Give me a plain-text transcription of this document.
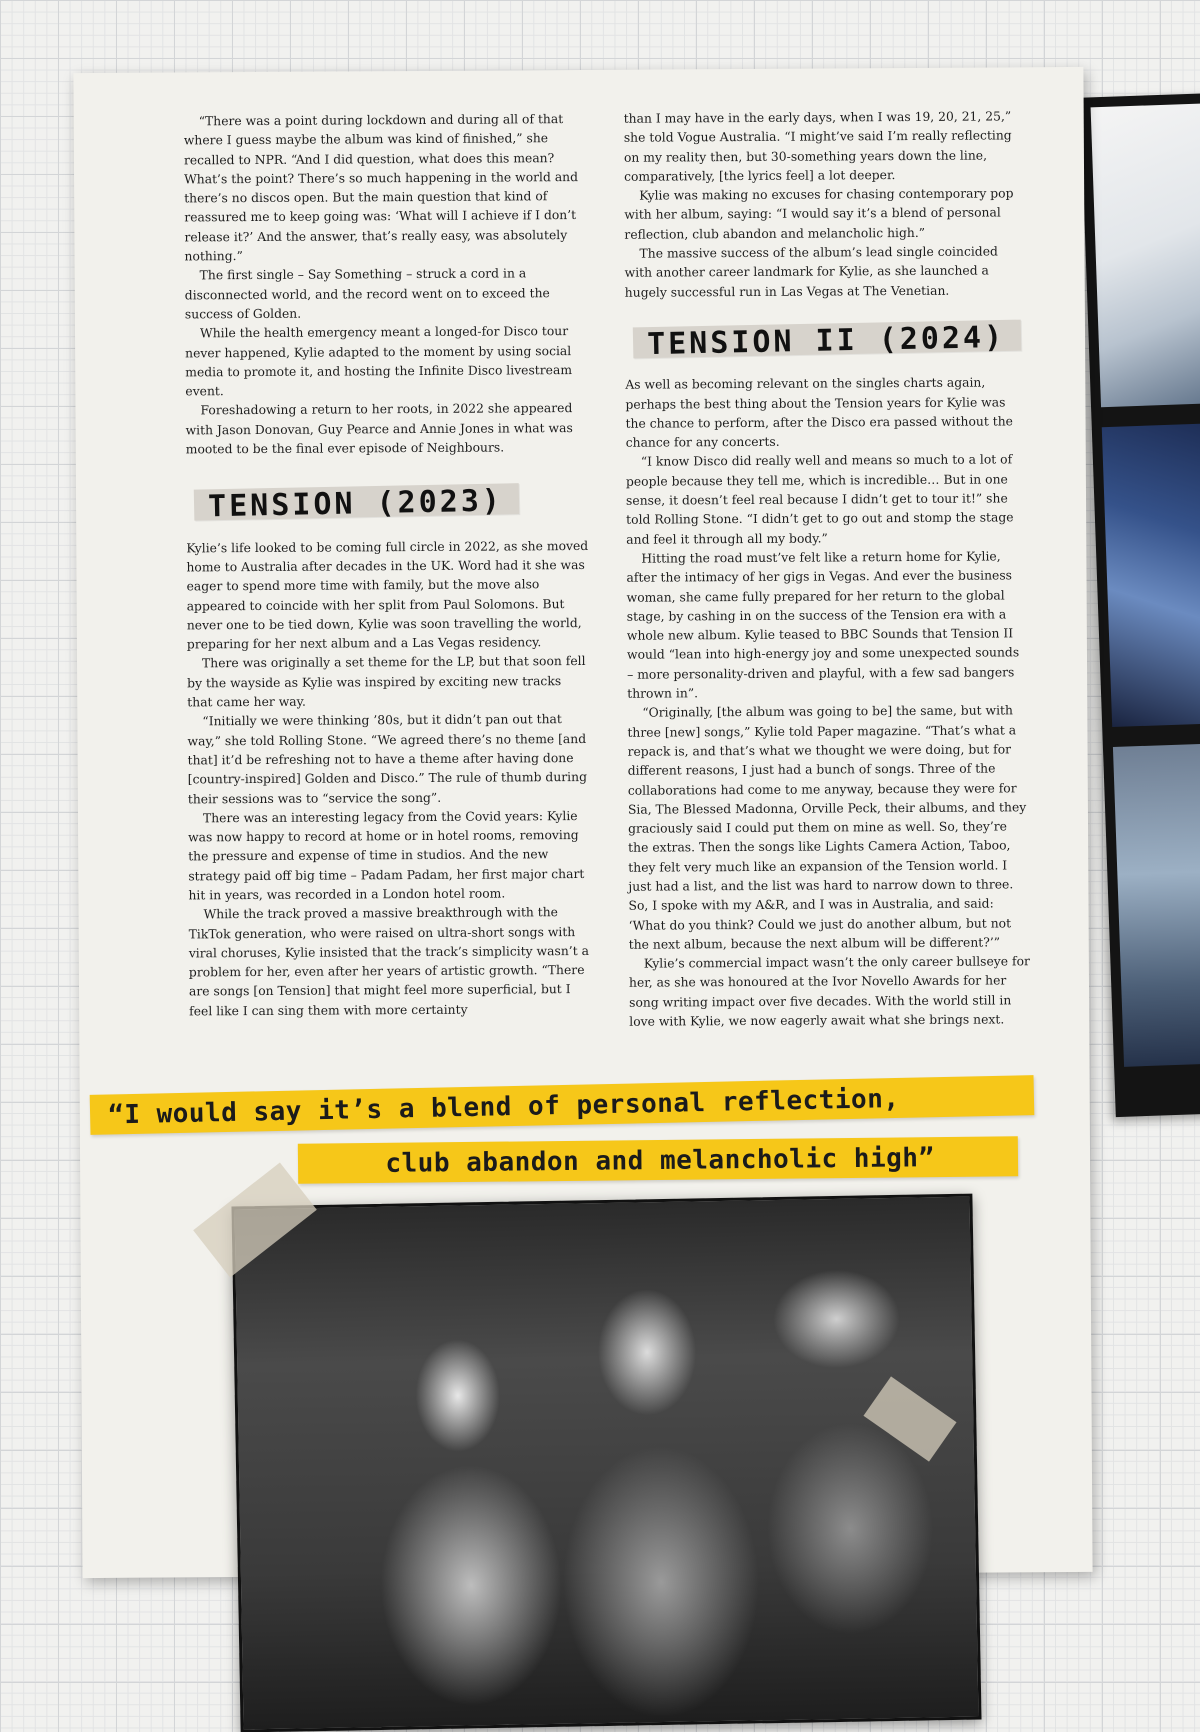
“There was a point during lockdown and during all of that where I guess maybe the album was kind of finished,” she recalled to NPR. “And I did question, what does this mean? What’s the point? There’s so much happening in the world and there’s no discos open. But the main question that kind of reassured me to keep going was: ‘What will I achieve if I don’t release it?’ And the answer, that’s really easy, was absolutely nothing.”

The first single – Say Something – struck a cord in a disconnected world, and the record went on to exceed the success of Golden.

While the health emergency meant a longed-for Disco tour never happened, Kylie adapted to the moment by using social media to promote it, and hosting the Infinite Disco livestream event.

Foreshadowing a return to her roots, in 2022 she appeared with Jason Donovan, Guy Pearce and Annie Jones in what was mooted to be the final ever episode of Neighbours.

TENSION (2023)

Kylie’s life looked to be coming full circle in 2022, as she moved home to Australia after decades in the UK. Word had it she was eager to spend more time with family, but the move also appeared to coincide with her split from Paul Solomons. But never one to be tied down, Kylie was soon travelling the world, preparing for her next album and a Las Vegas residency.

There was originally a set theme for the LP, but that soon fell by the wayside as Kylie was inspired by exciting new tracks that came her way.

“Initially we were thinking ’80s, but it didn’t pan out that way,” she told Rolling Stone. “We agreed there’s no theme [and that] it’d be refreshing not to have a theme after having done [country-inspired] Golden and Disco.” The rule of thumb during their sessions was to “service the song”.

There was an interesting legacy from the Covid years: Kylie was now happy to record at home or in hotel rooms, removing the pressure and expense of time in studios. And the new strategy paid off big time – Padam Padam, her first major chart hit in years, was recorded in a London hotel room.

While the track proved a massive breakthrough with the TikTok generation, who were raised on ultra-short songs with viral choruses, Kylie insisted that the track’s simplicity wasn’t a problem for her, even after her years of artistic growth. “There are songs [on Tension] that might feel more superficial, but I feel like I can sing them with more certainty

than I may have in the early days, when I was 19, 20, 21, 25,” she told Vogue Australia. “I might’ve said I’m really reflecting on my reality then, but 30-something years down the line, comparatively, [the lyrics feel] a lot deeper.

Kylie was making no excuses for chasing contemporary pop with her album, saying: “I would say it’s a blend of personal reflection, club abandon and melancholic high.”

The massive success of the album’s lead single coincided with another career landmark for Kylie, as she launched a hugely successful run in Las Vegas at The Venetian.

TENSION II (2024)

As well as becoming relevant on the singles charts again, perhaps the best thing about the Tension years for Kylie was the chance to perform, after the Disco era passed without the chance for any concerts.

“I know Disco did really well and means so much to a lot of people because they tell me, which is incredible… But in one sense, it doesn’t feel real because I didn’t get to tour it!” she told Rolling Stone. “I didn’t get to go out and stomp the stage and feel it through all my body.”

Hitting the road must’ve felt like a return home for Kylie, after the intimacy of her gigs in Vegas. And ever the business woman, she came fully prepared for her return to the global stage, by cashing in on the success of the Tension era with a whole new album. Kylie teased to BBC Sounds that Tension II would “lean into high-energy joy and some unexpected sounds – more personality-driven and playful, with a few sad bangers thrown in”.

“Originally, [the album was going to be] the same, but with three [new] songs,” Kylie told Paper magazine. “That’s what a repack is, and that’s what we thought we were doing, but for different reasons, I just had a bunch of songs. Three of the collaborations had come to me anyway, because they were for Sia, The Blessed Madonna, Orville Peck, their albums, and they graciously said I could put them on mine as well. So, they’re the extras. Then the songs like Lights Camera Action, Taboo, they felt very much like an expansion of the Tension world. I just had a list, and the list was hard to narrow down to three. So, I spoke with my A&R, and I was in Australia, and said: ‘What do you think? Could we just do another album, but not the next album, because the next album will be different?’”

Kylie’s commercial impact wasn’t the only career bullseye for her, as she was honoured at the Ivor Novello Awards for her song writing impact over five decades. With the world still in love with Kylie, we now eagerly await what she brings next.

“I would say it’s a blend of personal reflection,
club abandon and melancholic high”
